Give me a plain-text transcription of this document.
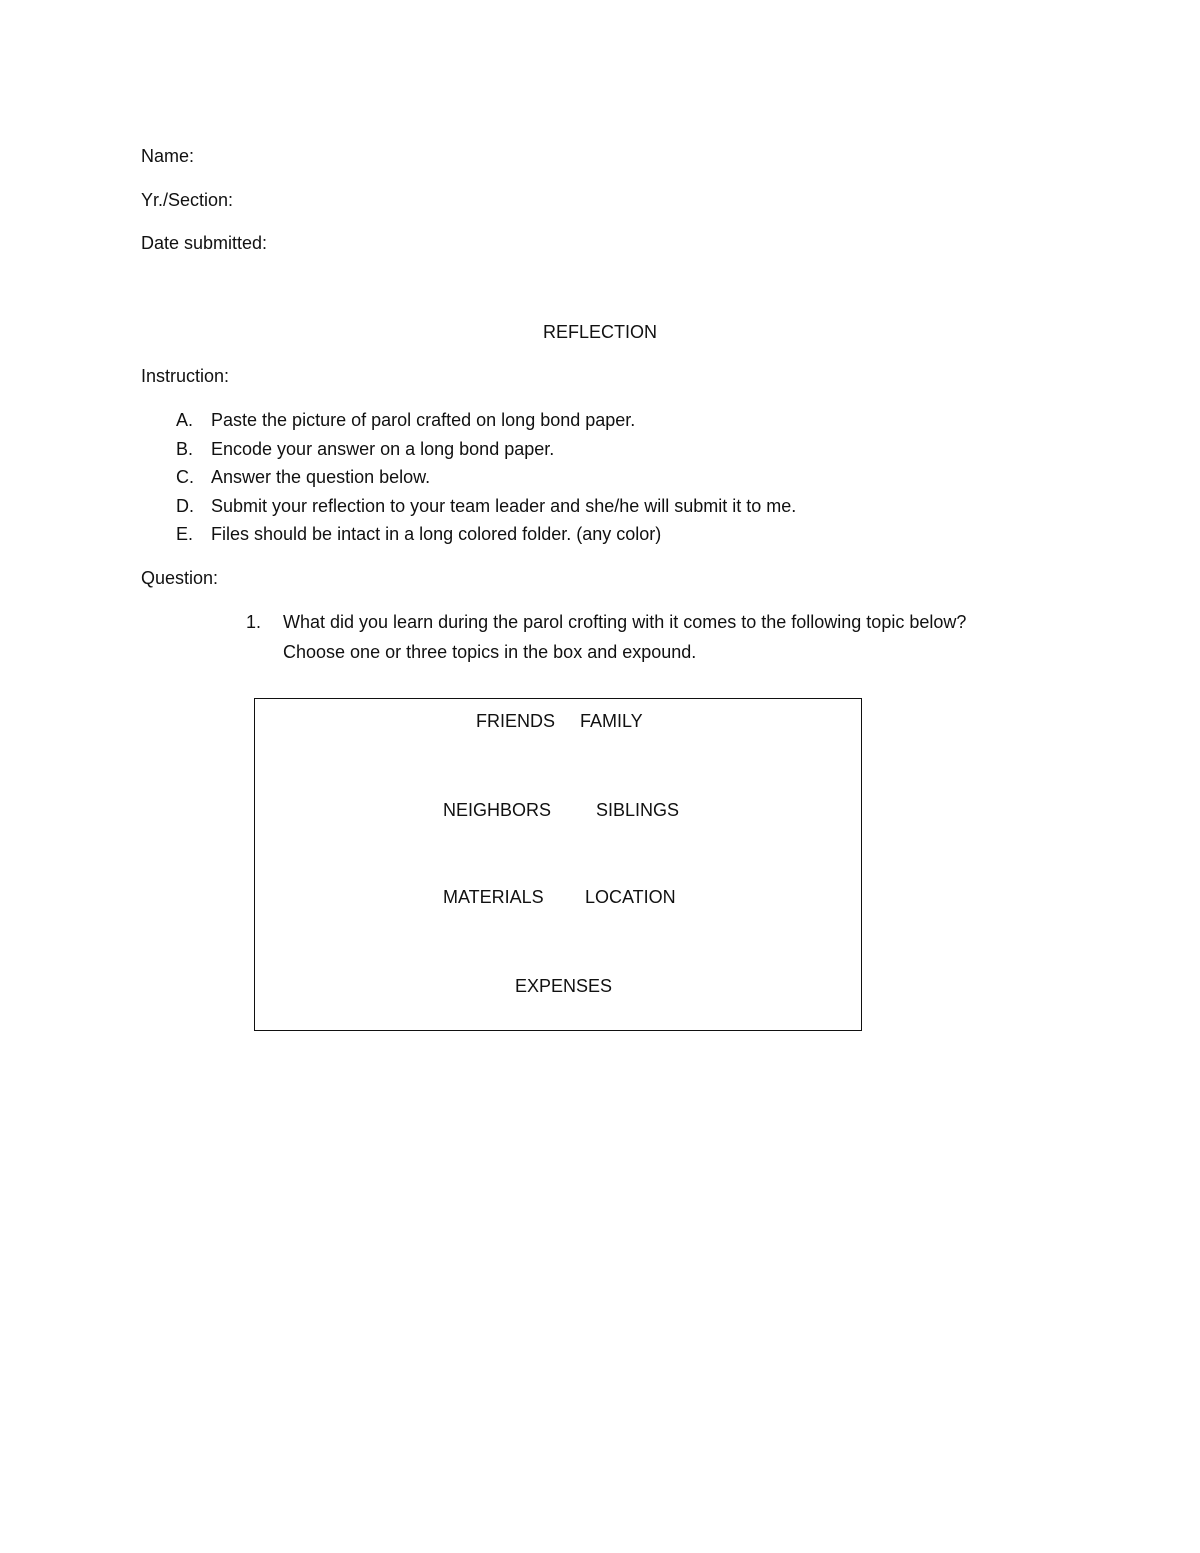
Name:
Yr./Section:
Date submitted:
REFLECTION
Instruction:
A. Paste the picture of parol crafted on long bond paper.
B. Encode your answer on a long bond paper.
C. Answer the question below.
D. Submit your reflection to your team leader and she/he will submit it to me.
E. Files should be intact in a long colored folder. (any color)
Question:
1. What did you learn during the parol crofting with it comes to the following topic below?
Choose one or three topics in the box and expound.
FRIENDS FAMILY
NEIGHBORS SIBLINGS
MATERIALS LOCATION
EXPENSES
